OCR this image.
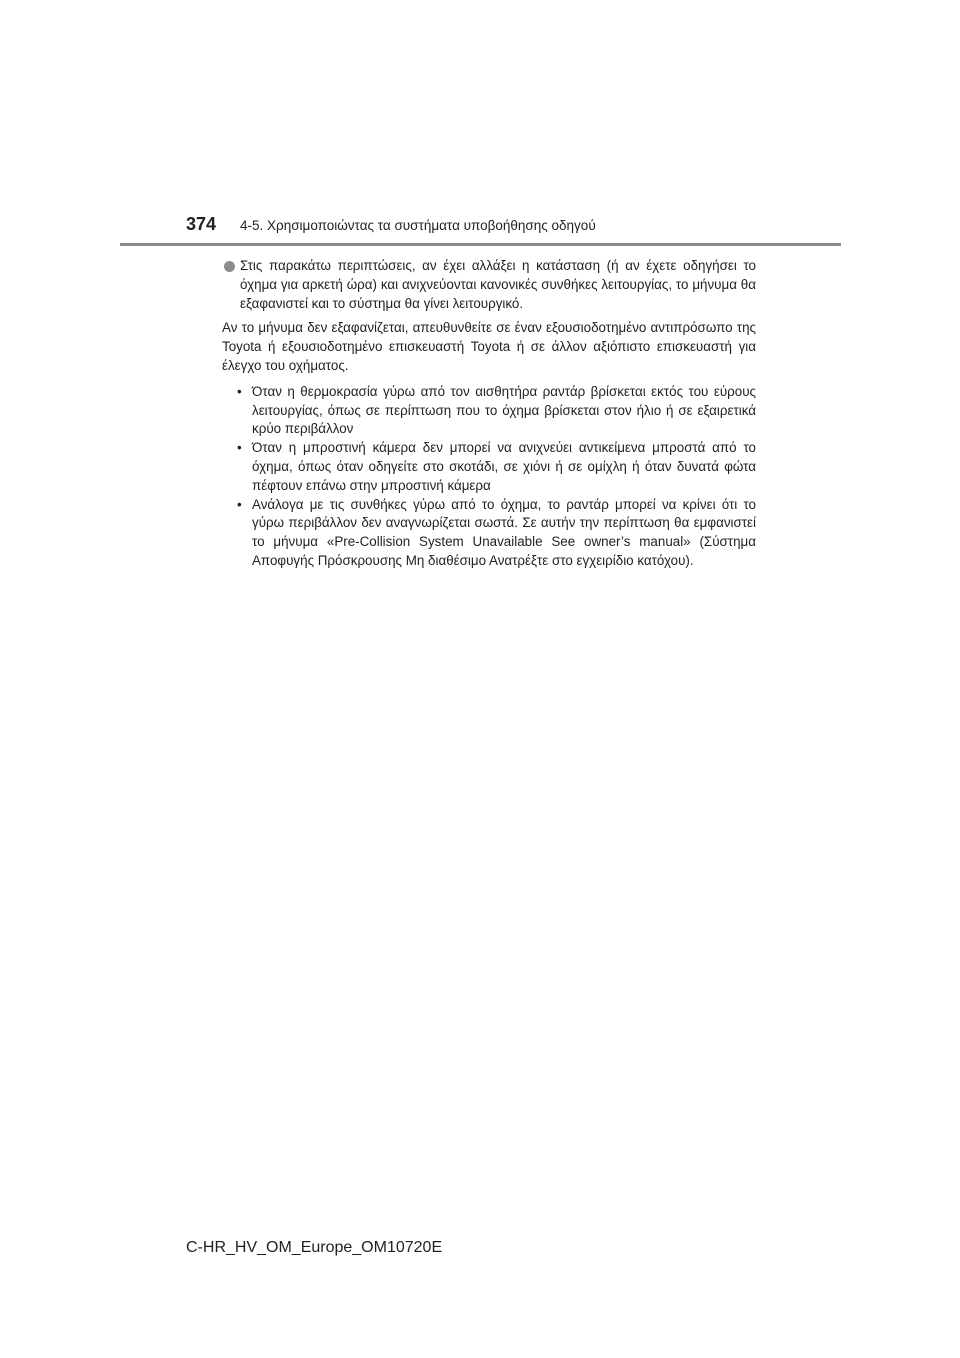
374	4-5. Χρησιμοποιώντας τα συστήματα υποβοήθησης οδηγού

Στις παρακάτω περιπτώσεις, αν έχει αλλάξει η κατάσταση (ή αν έχετε οδηγήσει το όχημα για αρκετή ώρα) και ανιχνεύονται κανονικές συνθήκες λειτουργίας, το μήνυμα θα εξαφανιστεί και το σύστημα θα γίνει λειτουργικό.

Αν το μήνυμα δεν εξαφανίζεται, απευθυνθείτε σε έναν εξουσιοδοτημένο αντιπρόσωπο της Toyota ή εξουσιοδοτημένο επισκευαστή Toyota ή σε άλλον αξιόπιστο επισκευαστή για έλεγχο του οχήματος.

• Όταν η θερμοκρασία γύρω από τον αισθητήρα ραντάρ βρίσκεται εκτός του εύρους λειτουργίας, όπως σε περίπτωση που το όχημα βρίσκεται στον ήλιο ή σε εξαιρετικά κρύο περιβάλλον
• Όταν η μπροστινή κάμερα δεν μπορεί να ανιχνεύει αντικείμενα μπροστά από το όχημα, όπως όταν οδηγείτε στο σκοτάδι, σε χιόνι ή σε ομίχλη ή όταν δυνατά φώτα πέφτουν επάνω στην μπροστινή κάμερα
• Ανάλογα με τις συνθήκες γύρω από το όχημα, το ραντάρ μπορεί να κρίνει ότι το γύρω περιβάλλον δεν αναγνωρίζεται σωστά. Σε αυτήν την περίπτωση θα εμφανιστεί το μήνυμα «Pre-Collision System Unavailable See owner’s manual» (Σύστημα Αποφυγής Πρόσκρουσης Μη διαθέσιμο Ανατρέξτε στο εγχειρίδιο κατόχου).
C-HR_HV_OM_Europe_OM10720E
